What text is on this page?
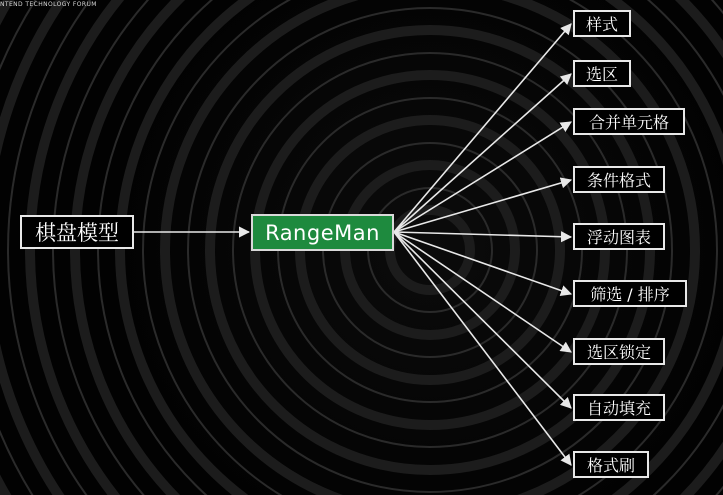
NTEND TECHNOLOGY FORUM
棋盘模型	RangeMan
样式
选区
合并单元格
条件格式
浮动图表
筛选 / 排序
选区锁定
自动填充
格式刷
